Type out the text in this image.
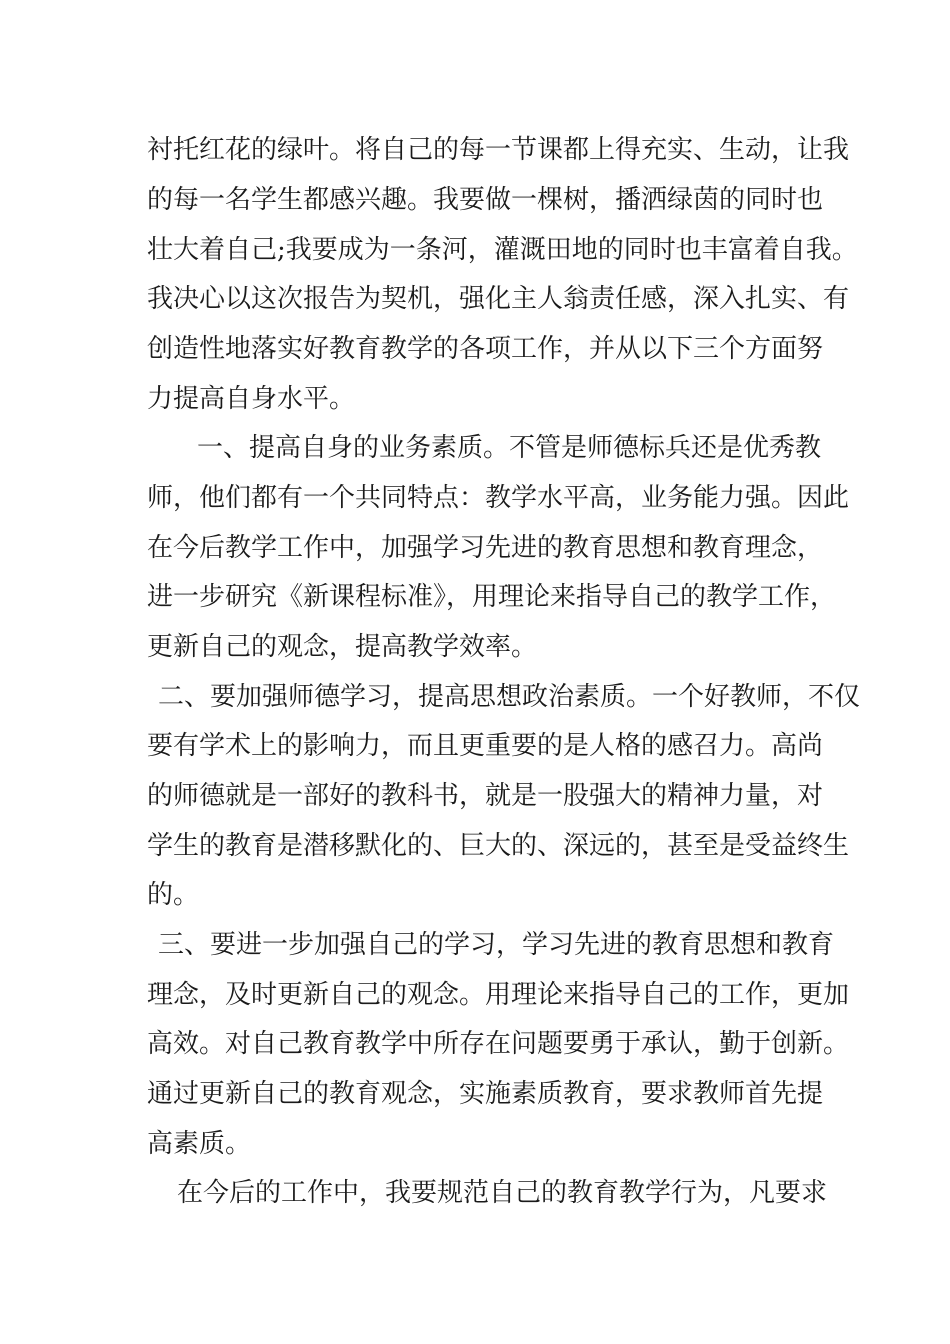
衬托红花的绿叶。将自己的每一节课都上得充实、生动，让我
的每一名学生都感兴趣。我要做一棵树，播洒绿茵的同时也
壮大着自己;我要成为一条河，灌溉田地的同时也丰富着自我。
我决心以这次报告为契机，强化主人翁责任感，深入扎实、有
创造性地落实好教育教学的各项工作，并从以下三个方面努
力提高自身水平。
一、提高自身的业务素质。不管是师德标兵还是优秀教
师，他们都有一个共同特点：教学水平高，业务能力强。因此
在今后教学工作中，加强学习先进的教育思想和教育理念，
进一步研究《新课程标准》，用理论来指导自己的教学工作，
更新自己的观念，提高教学效率。
二、要加强师德学习，提高思想政治素质。一个好教师，不仅
要有学术上的影响力，而且更重要的是人格的感召力。高尚
的师德就是一部好的教科书，就是一股强大的精神力量，对
学生的教育是潜移默化的、巨大的、深远的，甚至是受益终生
的。
三、要进一步加强自己的学习，学习先进的教育思想和教育
理念，及时更新自己的观念。用理论来指导自己的工作，更加
高效。对自己教育教学中所存在问题要勇于承认，勤于创新。
通过更新自己的教育观念，实施素质教育，要求教师首先提
高素质。
在今后的工作中，我要规范自己的教育教学行为，凡要求
